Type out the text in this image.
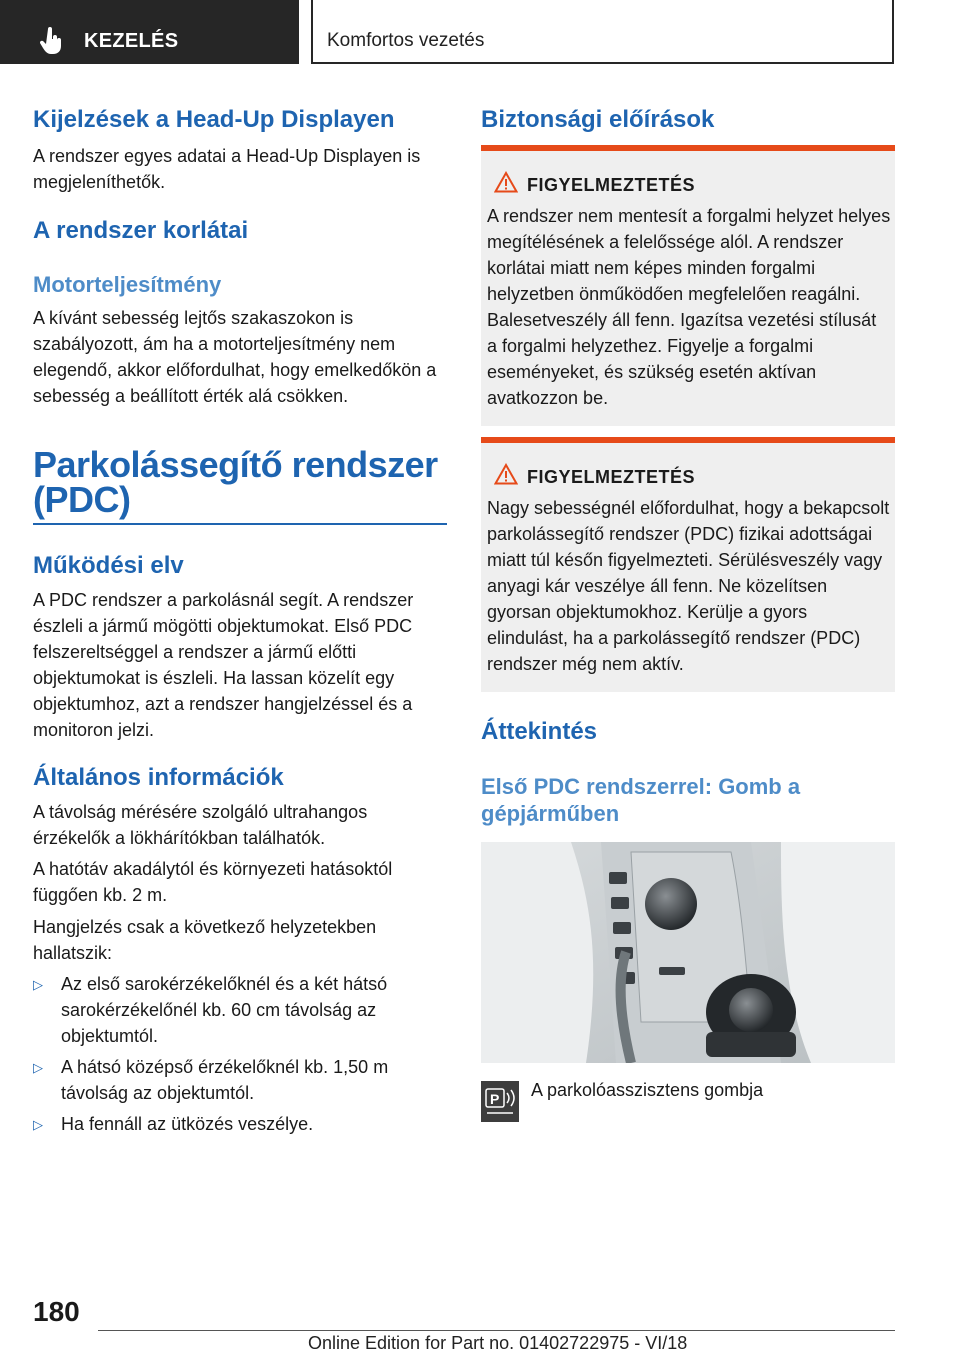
KEZELÉS	Komfortos vezetés
Kijelzések a Head-Up Displayen

A rendszer egyes adatai a Head-Up Displayen is megjeleníthetők.

A rendszer korlátai
Motorteljesítmény

A kívánt sebesség lejtős szakaszokon is szabályozott, ám ha a motorteljesítmény nem elegendő, akkor előfordulhat, hogy emelkedőkön a sebesség a beállított érték alá csökken.

Parkolássegítő rendszer
(PDC)
Működési elv

A PDC rendszer a parkolásnál segít. A rendszer észleli a jármű mögötti objektumokat. Első PDC felszereltséggel a rendszer a jármű előtti objektumokat is észleli. Ha lassan közelít egy objektumhoz, azt a rendszer hangjelzéssel és a monitoron jelzi.

Általános információk

A távolság mérésére szolgáló ultrahangos érzékelők a lökhárítókban találhatók.

A hatótáv akadálytól és környezeti hatásoktól függően kb. 2 m.

Hangjelzés csak a következő helyzetekben hallatszik:

▷ Az első sarokérzékelőknél és a két hátsó sarokérzékelőnél kb. 60 cm távolság az objektumtól.

▷ A hátsó középső érzékelőknél kb. 1,50 m távolság az objektumtól.

▷ Ha fennáll az ütközés veszélye.

Biztonsági előírások
FIGYELMEZTETÉS

A rendszer nem mentesít a forgalmi helyzet helyes megítélésének a felelőssége alól. A rendszer korlátai miatt nem képes minden forgalmi helyzetben önműködően megfelelően reagálni. Balesetveszély áll fenn. Igazítsa vezetési stílusát a forgalmi helyzethez. Figyelje a forgalmi eseményeket, és szükség esetén aktívan avatkozzon be.

FIGYELMEZTETÉS

Nagy sebességnél előfordulhat, hogy a bekapcsolt parkolássegítő rendszer (PDC) fizikai adottságai miatt túl későn figyelmezteti. Sérülésveszély vagy anyagi kár veszélye áll fenn. Ne közelítsen gyorsan objektumokhoz. Kerülje a gyors elindulást, ha a parkolássegítő rendszer (PDC) rendszer még nem aktív.

Áttekintés
Első PDC rendszerrel: Gomb a gépjárműben
P A parkolóasszisztens gombja
180
Online Edition for Part no. 01402722975 - VI/18
